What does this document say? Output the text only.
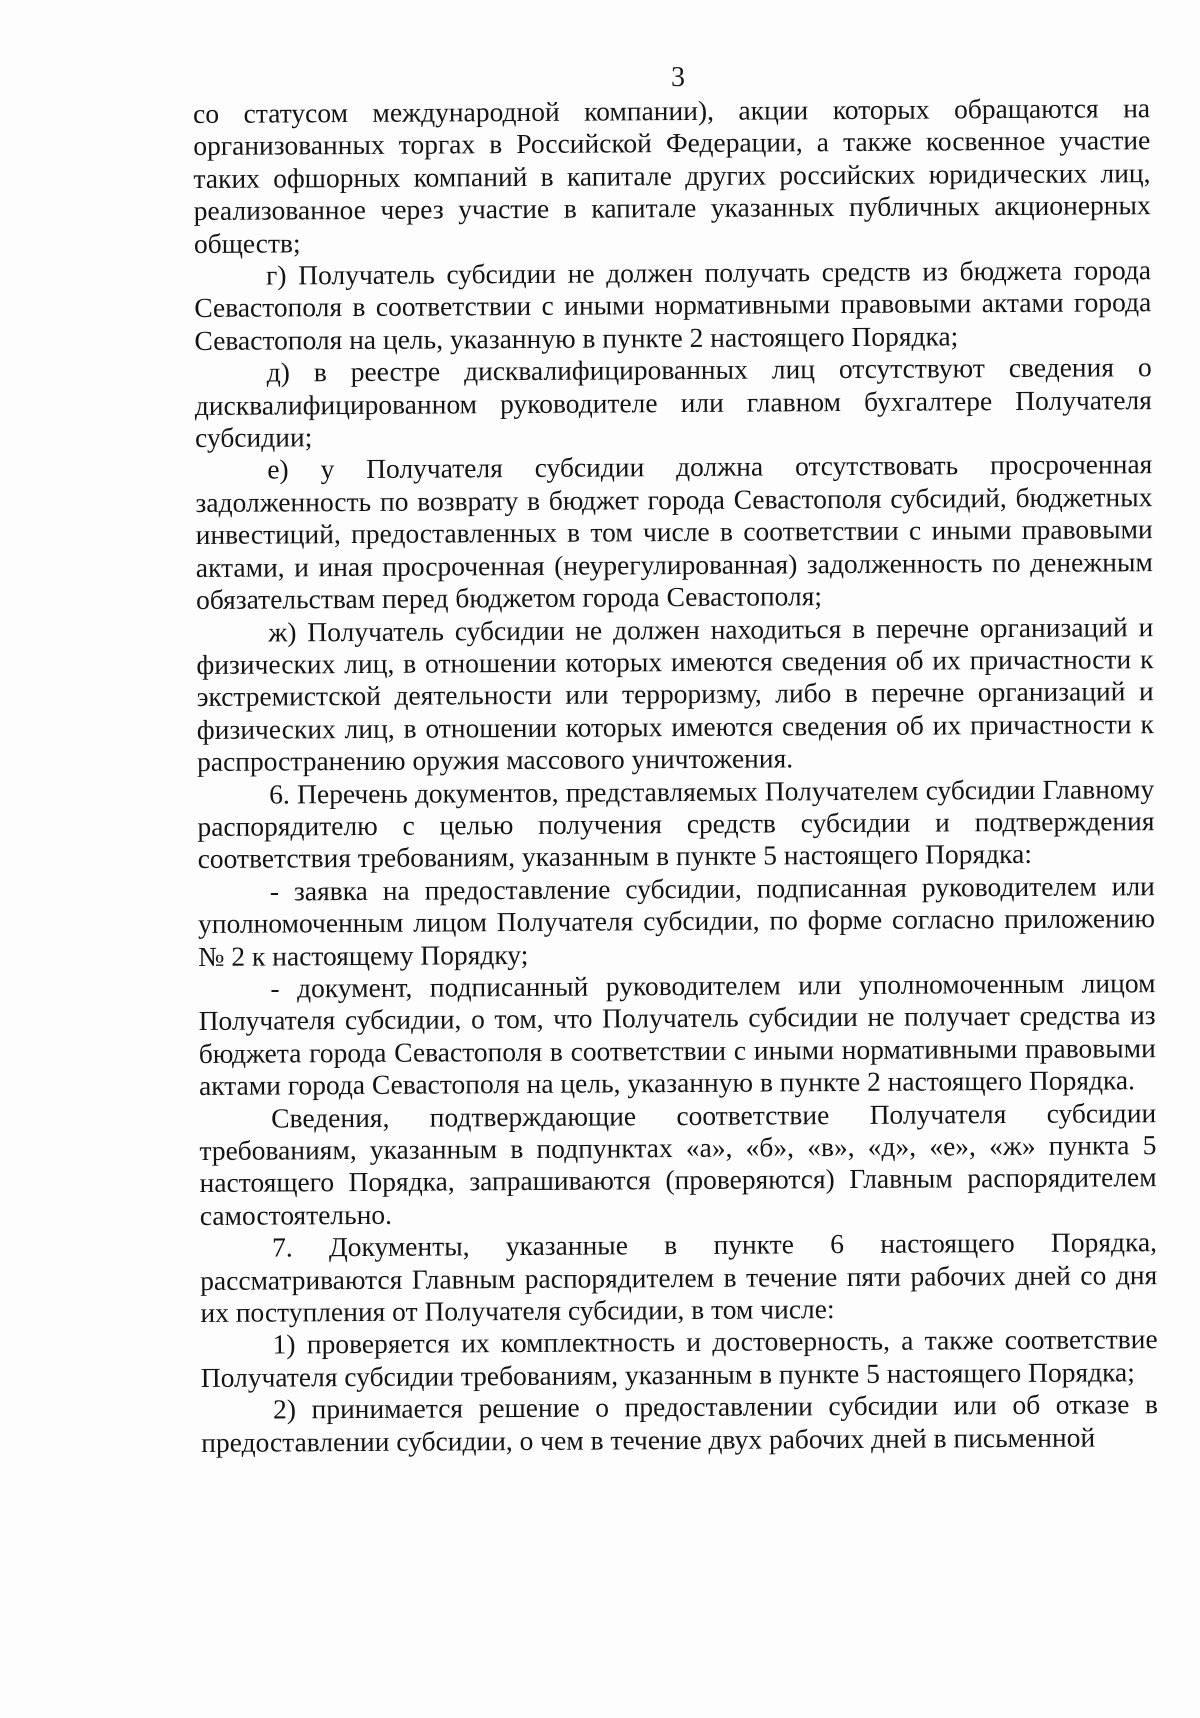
3

со статусом международной компании), акции которых обращаются на организованных торгах в Российской Федерации, а также косвенное участие таких офшорных компаний в капитале других российских юридических лиц, реализованное через участие в капитале указанных публичных акционерных обществ;

г) Получатель субсидии не должен получать средств из бюджета города Севастополя в соответствии с иными нормативными правовыми актами города Севастополя на цель, указанную в пункте 2 настоящего Порядка;

д) в реестре дисквалифицированных лиц отсутствуют сведения о дисквалифицированном руководителе или главном бухгалтере Получателя субсидии;

е) у Получателя субсидии должна отсутствовать просроченная задолженность по возврату в бюджет города Севастополя субсидий, бюджетных инвестиций, предоставленных в том числе в соответствии с иными правовыми актами, и иная просроченная (неурегулированная) задолженность по денежным обязательствам перед бюджетом города Севастополя;

ж) Получатель субсидии не должен находиться в перечне организаций и физических лиц, в отношении которых имеются сведения об их причастности к экстремистской деятельности или терроризму, либо в перечне организаций и физических лиц, в отношении которых имеются сведения об их причастности к распространению оружия массового уничтожения.

6. Перечень документов, представляемых Получателем субсидии Главному распорядителю с целью получения средств субсидии и подтверждения соответствия требованиям, указанным в пункте 5 настоящего Порядка:

- заявка на предоставление субсидии, подписанная руководителем или уполномоченным лицом Получателя субсидии, по форме согласно приложению № 2 к настоящему Порядку;

- документ, подписанный руководителем или уполномоченным лицом Получателя субсидии, о том, что Получатель субсидии не получает средства из бюджета города Севастополя в соответствии с иными нормативными правовыми актами города Севастополя на цель, указанную в пункте 2 настоящего Порядка.

Сведения, подтверждающие соответствие Получателя субсидии требованиям, указанным в подпунктах «а», «б», «в», «д», «е», «ж» пункта 5 настоящего Порядка, запрашиваются (проверяются) Главным распорядителем самостоятельно.

7. Документы, указанные в пункте 6 настоящего Порядка, рассматриваются Главным распорядителем в течение пяти рабочих дней со дня их поступления от Получателя субсидии, в том числе:

1) проверяется их комплектность и достоверность, а также соответствие Получателя субсидии требованиям, указанным в пункте 5 настоящего Порядка;

2) принимается решение о предоставлении субсидии или об отказе в предоставлении субсидии, о чем в течение двух рабочих дней в письменной
